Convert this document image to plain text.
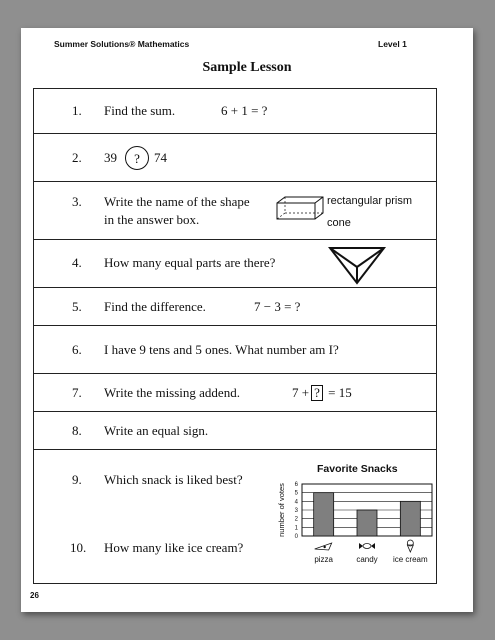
Summer Solutions® Mathematics	Level 1
Sample Lesson
1. Find the sum.	6 + 1 = ?
2. 39	?	74
3. Write the name of the shape
in the answer box.
rectangular prism
cone
4. How many equal parts are there?
5. Find the difference.	7 − 3 = ?
6. I have 9 tens and 5 ones. What number am I?
7. Write the missing addend.	7 + ? = 15
8. Write an equal sign.
9. Which snack is liked best?
10. How many like ice cream?
Favorite Snacks
0
1
2
3
4
5
6
number of votes
pizza	candy ice cream
26
